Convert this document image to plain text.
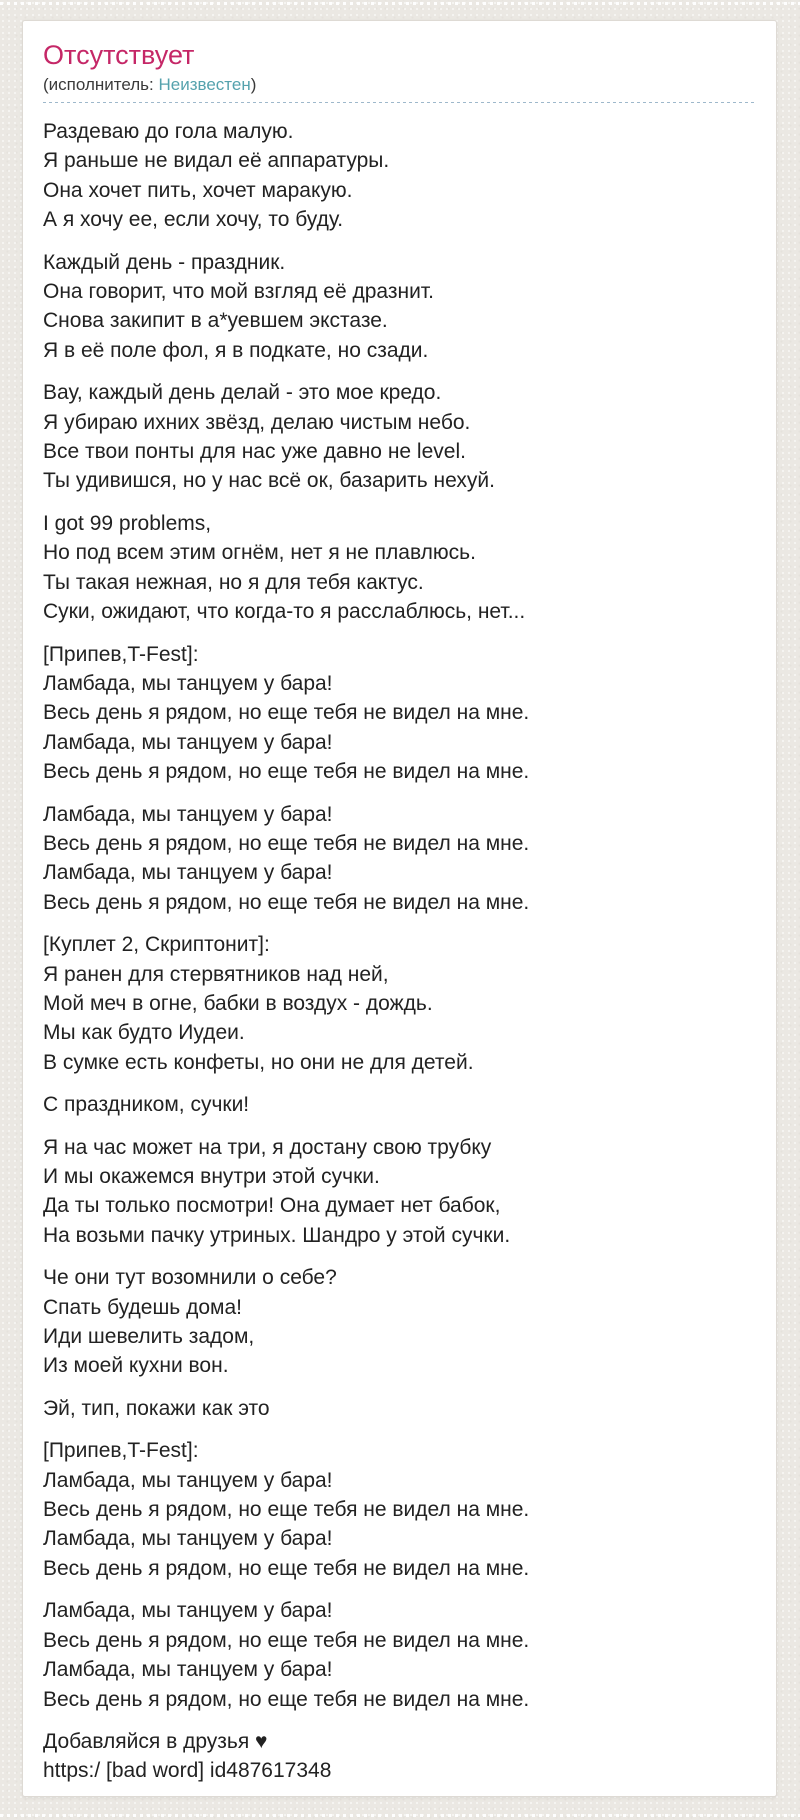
Отсутствует

(исполнитель: Неизвестен)

Раздеваю до гола малую.
Я раньше не видал её аппаратуры.
Она хочет пить, хочет маракую.
А я хочу ее, если хочу, то буду.
Каждый день - праздник.
Она говорит, что мой взгляд её дразнит.
Снова закипит в а*уевшем экстазе.
Я в её поле фол, я в подкате, но сзади.
Вау, каждый день делай - это мое кредо.
Я убираю ихних звёзд, делаю чистым небо.
Все твои понты для нас уже давно не level.
Ты удивишся, но у нас всё ок, базарить нехуй.
I got 99 problems,
Но под всем этим огнём, нет я не плавлюсь.
Ты такая нежная, но я для тебя кактус.
Суки, ожидают, что когда-то я расслаблюсь, нет...
[Припев,T-Fest]:
Ламбада, мы танцуем у бара!
Весь день я рядом, но еще тебя не видел на мне.
Ламбада, мы танцуем у бара!
Весь день я рядом, но еще тебя не видел на мне.
Ламбада, мы танцуем у бара!
Весь день я рядом, но еще тебя не видел на мне.
Ламбада, мы танцуем у бара!
Весь день я рядом, но еще тебя не видел на мне.
[Куплет 2, Скриптонит]:
Я ранен для стервятников над ней,
Мой меч в огне, бабки в воздух - дождь.
Мы как будто Иудеи.
В сумке есть конфеты, но они не для детей.
С праздником, сучки!
Я на час может на три, я достану свою трубку
И мы окажемся внутри этой сучки.
Да ты только посмотри! Она думает нет бабок,
На возьми пачку утриных. Шандро у этой сучки.
Че они тут возомнили о себе?
Спать будешь дома!
Иди шевелить задом,
Из моей кухни вон.
Эй, тип, покажи как это
[Припев,T-Fest]:
Ламбада, мы танцуем у бара!
Весь день я рядом, но еще тебя не видел на мне.
Ламбада, мы танцуем у бара!
Весь день я рядом, но еще тебя не видел на мне.
Ламбада, мы танцуем у бара!
Весь день я рядом, но еще тебя не видел на мне.
Ламбада, мы танцуем у бара!
Весь день я рядом, но еще тебя не видел на мне.
Добавляйся в друзья ♥
https:/ [bad word] id487617348
